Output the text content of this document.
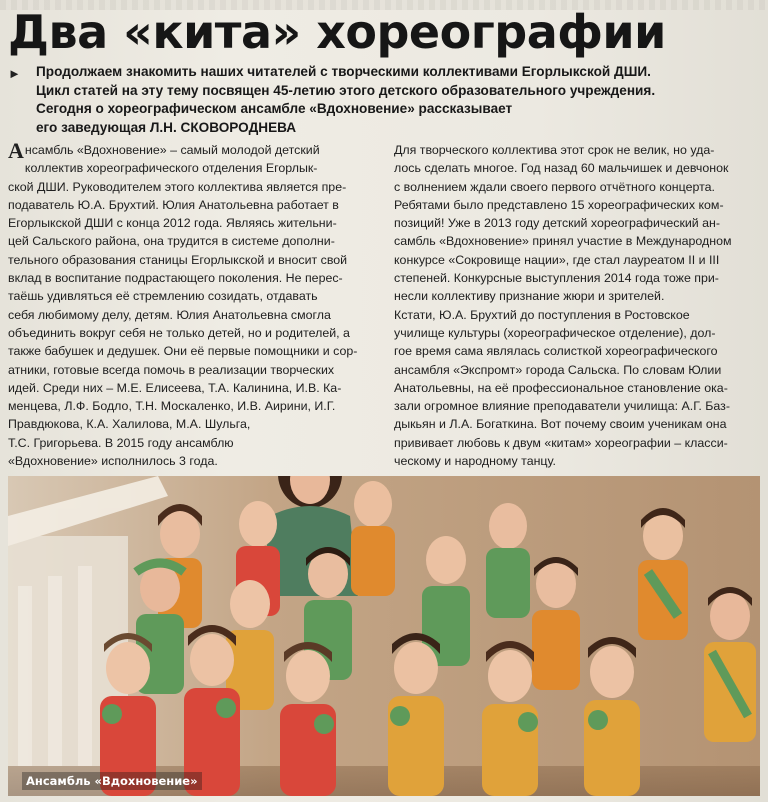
Два «кита» хореографии
►	Продолжаем знакомить наших читателей с творческими коллективами Егорлыкской ДШИ.
Цикл статей на эту тему посвящен 45-летию этого детского образовательного учреждения.
Сегодня о хореографическом ансамбле «Вдохновение» рассказывает
его заведующая Л.Н. СКОВОРОДНЕВА

Ансамбль «Вдохновение» – самый молодой детский
коллектив хореографического отделения Егорлык-
ской ДШИ. Руководителем этого коллектива является пре-
подаватель Ю.А. Брухтий. Юлия Анатольевна работает в
Егорлыкской ДШИ с конца 2012 года. Являясь жительни-
цей Сальского района, она трудится в системе дополни-
тельного образования станицы Егорлыкской и вносит свой
вклад в воспитание подрастающего поколения. Не перес-
таёшь удивляться её стремлению созидать, отдавать
себя любимому делу, детям. Юлия Анатольевна смогла
объединить вокруг себя не только детей, но и родителей, а
также бабушек и дедушек. Они её первые помощники и сор-
атники, готовые всегда помочь в реализации творческих
идей. Среди них – М.Е. Елисеева, Т.А. Калинина, И.В. Ка-
менцева, Л.Ф. Бодло, Т.Н. Москаленко, И.В. Аирини, И.Г.
Правдюкова, К.А. Халилова, М.А. Шульга,
Т.С. Григорьева. В 2015 году ансамблю
«Вдохновение» исполнилось 3 года.

Для творческого коллектива этот срок не велик, но уда-
лось сделать многое. Год назад 60 мальчишек и девчонок
с волнением ждали своего первого отчётного концерта.
Ребятами было представлено 15 хореографических ком-
позиций! Уже в 2013 году детский хореографический ан-
самбль «Вдохновение» принял участие в Международном
конкурсе «Сокровище нации», где стал лауреатом II и III
степеней. Конкурсные выступления 2014 года тоже при-
несли коллективу признание жюри и зрителей.
Кстати, Ю.А. Брухтий до поступления в Ростовское
училище культуры (хореографическое отделение), дол-
гое время сама являлась солисткой хореографического
ансамбля «Экспромт» города Сальска. По словам Юлии
Анатольевны, на её профессиональное становление ока-
зали огромное влияние преподаватели училища: А.Г. Баз-
дыкьян и Л.А. Богаткина. Вот почему своим ученикам она
прививает любовь к двум «китам» хореографии – класси-
ческому и народному танцу.

Ансамбль «Вдохновение»
